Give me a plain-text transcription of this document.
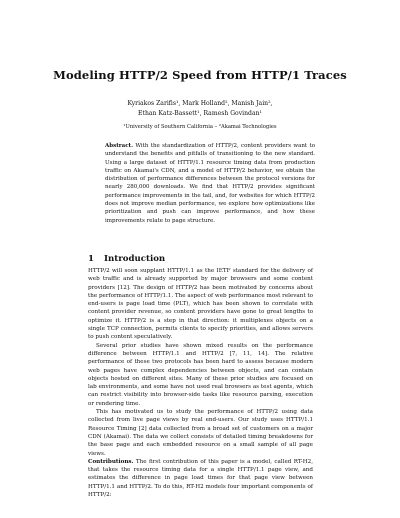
Modeling HTTP/2 Speed from HTTP/1 Traces
Kyriakos Zarifis¹, Mark Holland², Manish Jain²,
Ethan Katz-Bassett¹, Ramesh Govindan¹
¹University of Southern California – ²Akamai Technologies

Abstract. With the standardization of HTTP/2, content providers want to understand the benefits and pitfalls of transitioning to the new standard. Using a large dataset of HTTP/1.1 resource timing data from production traffic on Akamai's CDN, and a model of HTTP/2 behavior, we obtain the distribution of performance differences between the protocol versions for nearly 280,000 downloads. We find that HTTP/2 provides significant performance improvements in the tail, and, for websites for which HTTP/2 does not improve median performance, we explore how optimizations like prioritization and push can improve performance, and how these improvements relate to page structure.

1 Introduction

HTTP/2 will soon supplant HTTP/1.1 as the IETF standard for the delivery of web traffic and is already supported by major browsers and some content providers [12]. The design of HTTP/2 has been motivated by concerns about the performance of HTTP/1.1. The aspect of web performance most relevant to end-users is page load time (PLT), which has been shown to correlate with content provider revenue, so content providers have gone to great lengths to optimize it. HTTP/2 is a step in that direction: it multiplexes objects on a single TCP connection, permits clients to specify priorities, and allows servers to push content speculatively.

Several prior studies have shown mixed results on the performance difference between HTTP/1.1 and HTTP/2 [7, 11, 14]. The relative performance of these two protocols has been hard to assess because modern web pages have complex dependencies between objects, and can contain objects hosted on different sites. Many of these prior studies are focused on lab environments, and some have not used real browsers as test agents, which can restrict visibility into browser-side tasks like resource parsing, execution or rendering time.

This has motivated us to study the performance of HTTP/2 using data collected from live page views by real end-users. Our study uses HTTP/1.1 Resource Timing [2] data collected from a broad set of customers on a major CDN (Akamai). The data we collect consists of detailed timing breakdowns for the base page and each embedded resource on a small sample of all page views.

Contributions. The first contribution of this paper is a model, called RT-H2, that takes the resource timing data for a single HTTP/1.1 page view, and estimates the difference in page load times for that page view between HTTP/1.1 and HTTP/2. To do this, RT-H2 models four important components of HTTP/2:
